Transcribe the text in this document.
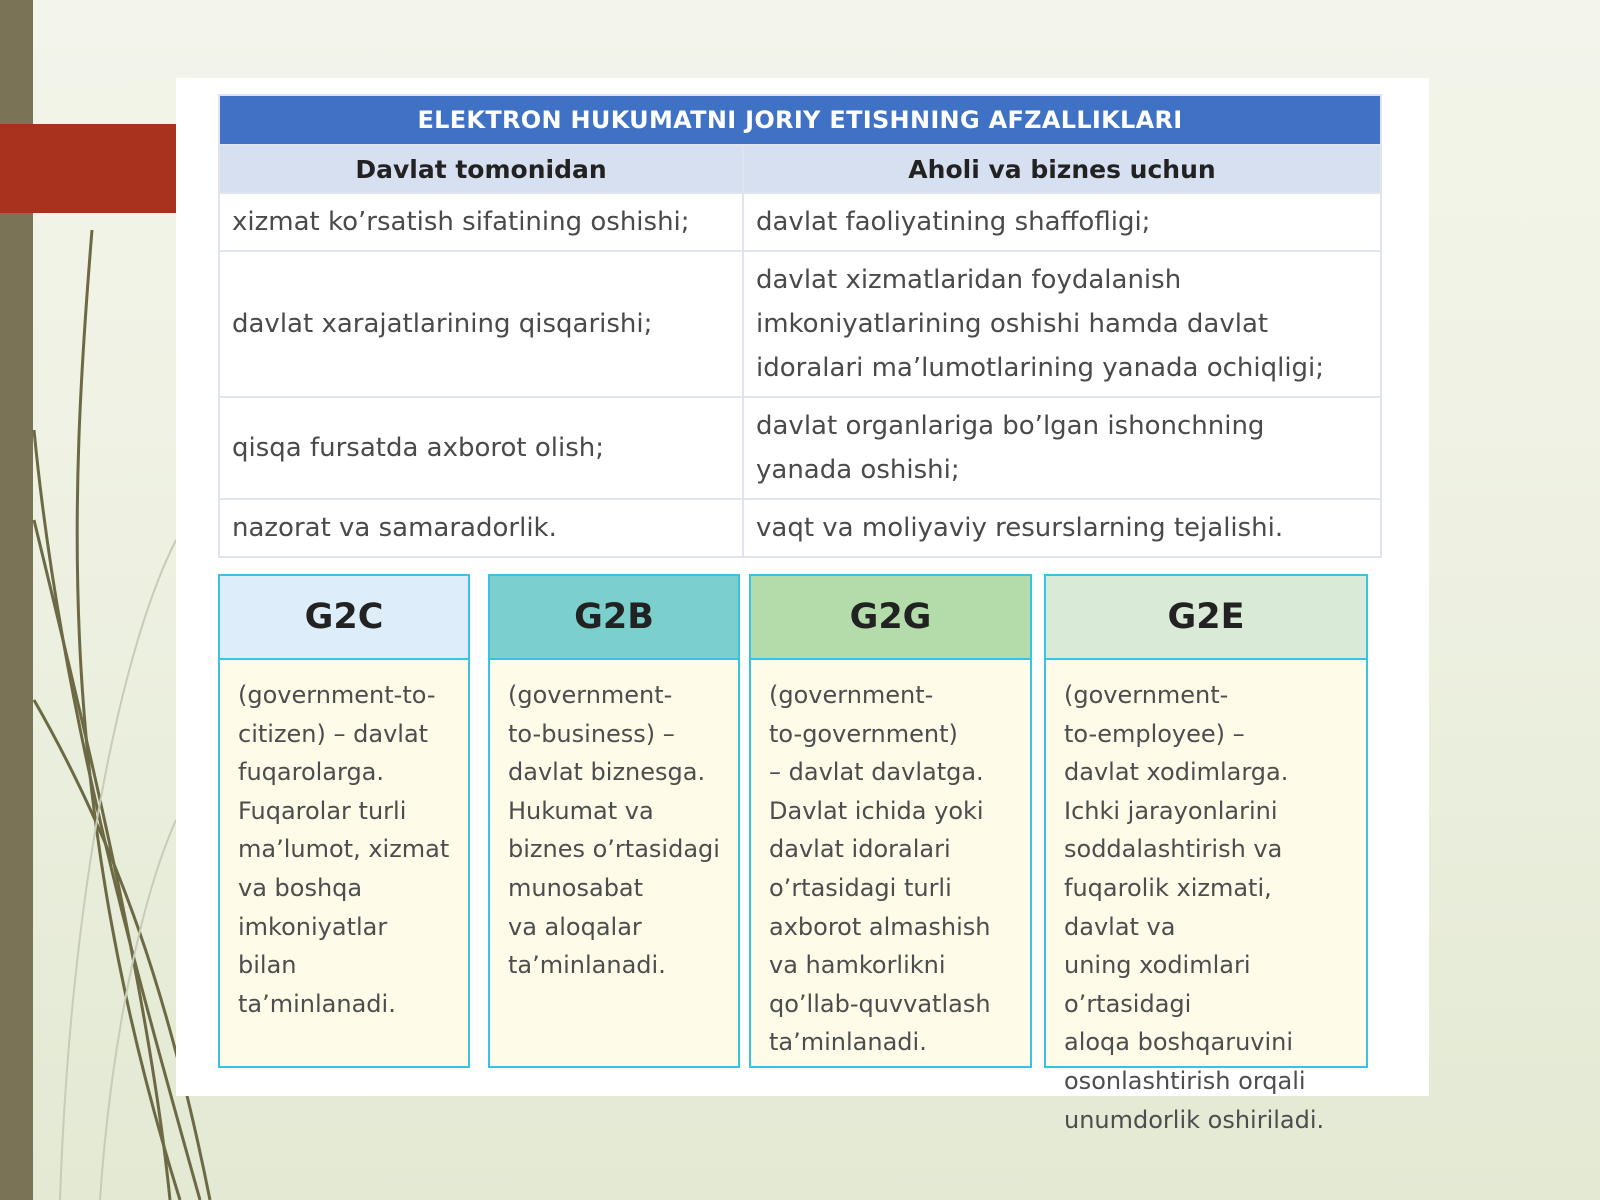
ELEKTRON HUKUMATNI JORIY ETISHNING AFZALLIKLARI	
Davlat tomonidan	Aholi va biznes uchun
xizmat ko’rsatish sifatining oshishi;	davlat faoliyatining shaffofligi;
davlat xarajatlarining qisqarishi;	davlat xizmatlaridan foydalanish imkoniyatlarining oshishi hamda davlat idoralari ma’lumotlarining yanada ochiqligi;
qisqa fursatda axborot olish;	davlat organlariga bo’lgan ishonchning yanada oshishi;
nazorat va samaradorlik.	vaqt va moliyaviy resurslarning tejalishi.
G2C
(government-to-
citizen) – davlat
fuqarolarga.
Fuqarolar turli
ma’lumot, xizmat
va boshqa
imkoniyatlar bilan
ta’minlanadi.
G2B
(government-
to-business) –
davlat biznesga.
Hukumat va
biznes o’rtasidagi
munosabat
va aloqalar
ta’minlanadi.
G2G
(government-
to-government)
– davlat davlatga.
Davlat ichida yoki
davlat idoralari
o’rtasidagi turli
axborot almashish
va hamkorlikni
qo’llab-quvvatlash
ta’minlanadi.
G2E
(government-
to-employee) –
davlat xodimlarga.
Ichki jarayonlarini
soddalashtirish va
fuqarolik xizmati, davlat va
uning xodimlari o’rtasidagi
aloqa boshqaruvini
osonlashtirish orqali
unumdorlik oshiriladi.
